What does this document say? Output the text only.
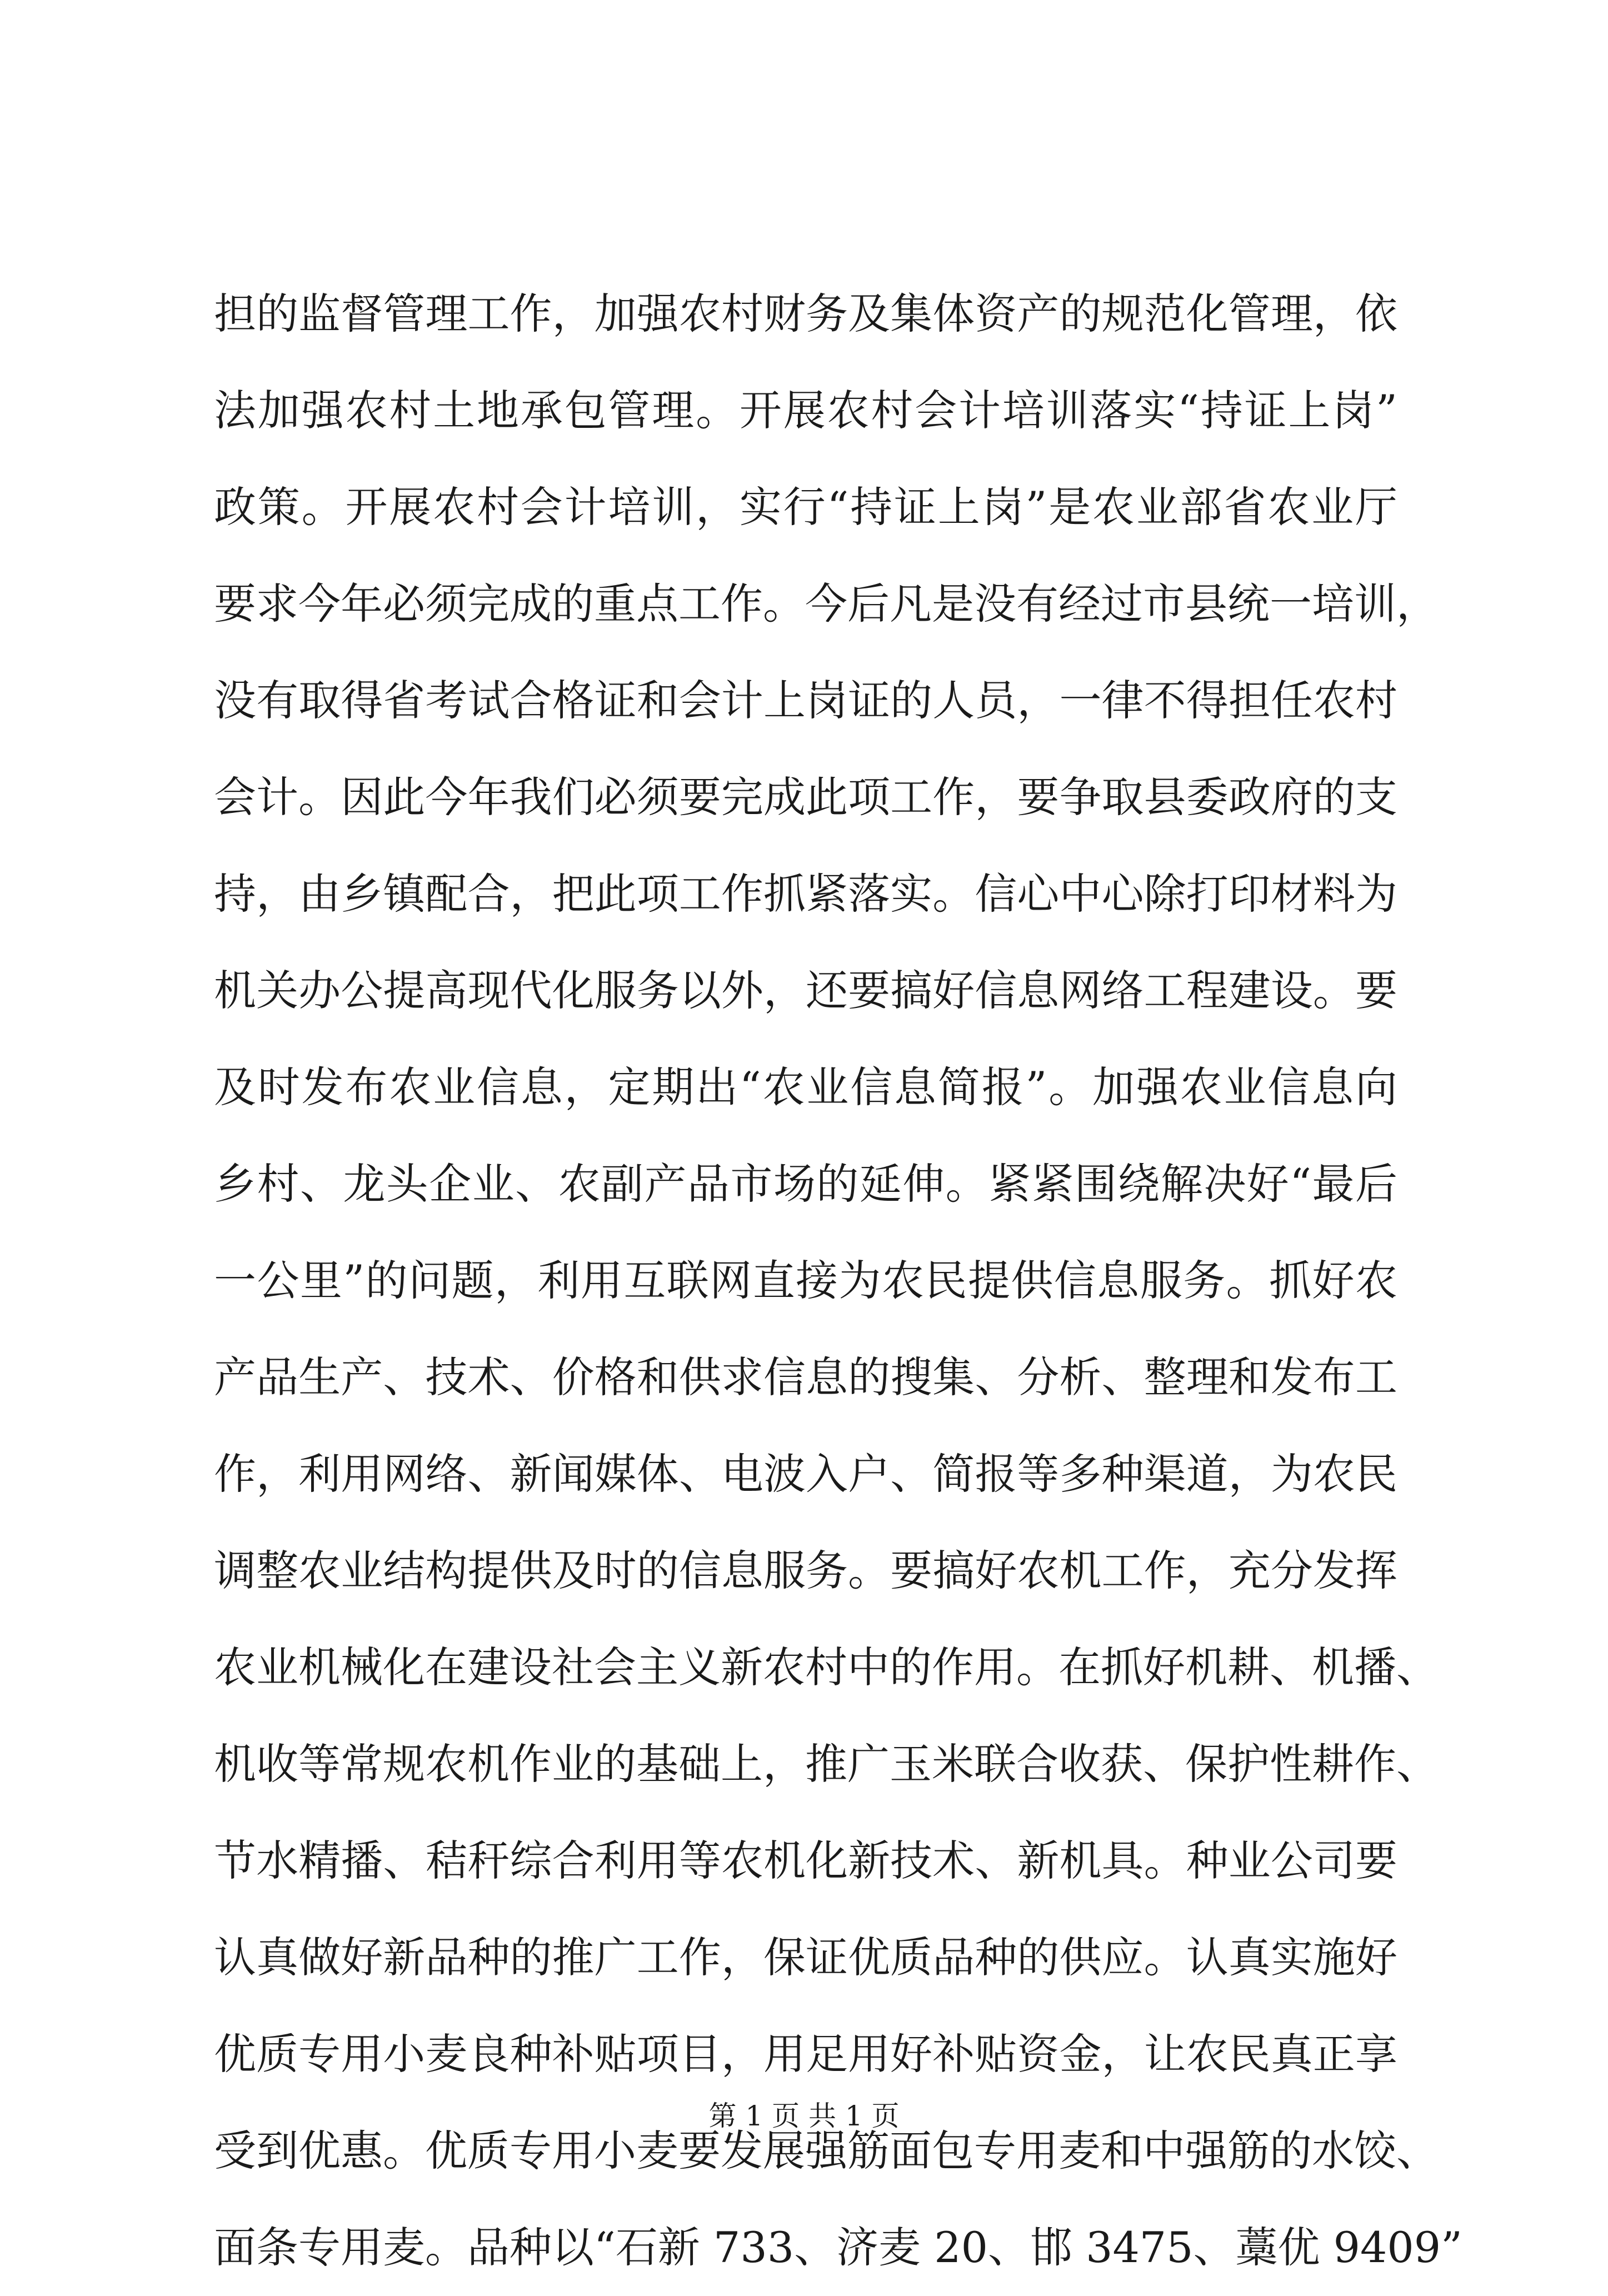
担的监督管理工作，加强农村财务及集体资产的规范化管理，依
法加强农村土地承包管理。开展农村会计培训落实“持证上岗”
政策。开展农村会计培训，实行“持证上岗”是农业部省农业厅
要求今年必须完成的重点工作。今后凡是没有经过市县统一培训，
没有取得省考试合格证和会计上岗证的人员，一律不得担任农村
会计。因此今年我们必须要完成此项工作，要争取县委政府的支
持，由乡镇配合，把此项工作抓紧落实。信心中心除打印材料为
机关办公提高现代化服务以外，还要搞好信息网络工程建设。要
及时发布农业信息，定期出“农业信息简报”。加强农业信息向
乡村、龙头企业、农副产品市场的延伸。紧紧围绕解决好“最后
一公里”的问题，利用互联网直接为农民提供信息服务。抓好农
产品生产、技术、价格和供求信息的搜集、分析、整理和发布工
作，利用网络、新闻媒体、电波入户、简报等多种渠道，为农民
调整农业结构提供及时的信息服务。要搞好农机工作，充分发挥
农业机械化在建设社会主义新农村中的作用。在抓好机耕、机播、
机收等常规农机作业的基础上，推广玉米联合收获、保护性耕作、
节水精播、秸秆综合利用等农机化新技术、新机具。种业公司要
认真做好新品种的推广工作，保证优质品种的供应。认真实施好
优质专用小麦良种补贴项目，用足用好补贴资金，让农民真正享
受到优惠。优质专用小麦要发展强筋面包专用麦和中强筋的水饺、
面条专用麦。品种以“石新 733、济麦 20、邯 3475、藁优 9409”
第 1 页 共 1 页
